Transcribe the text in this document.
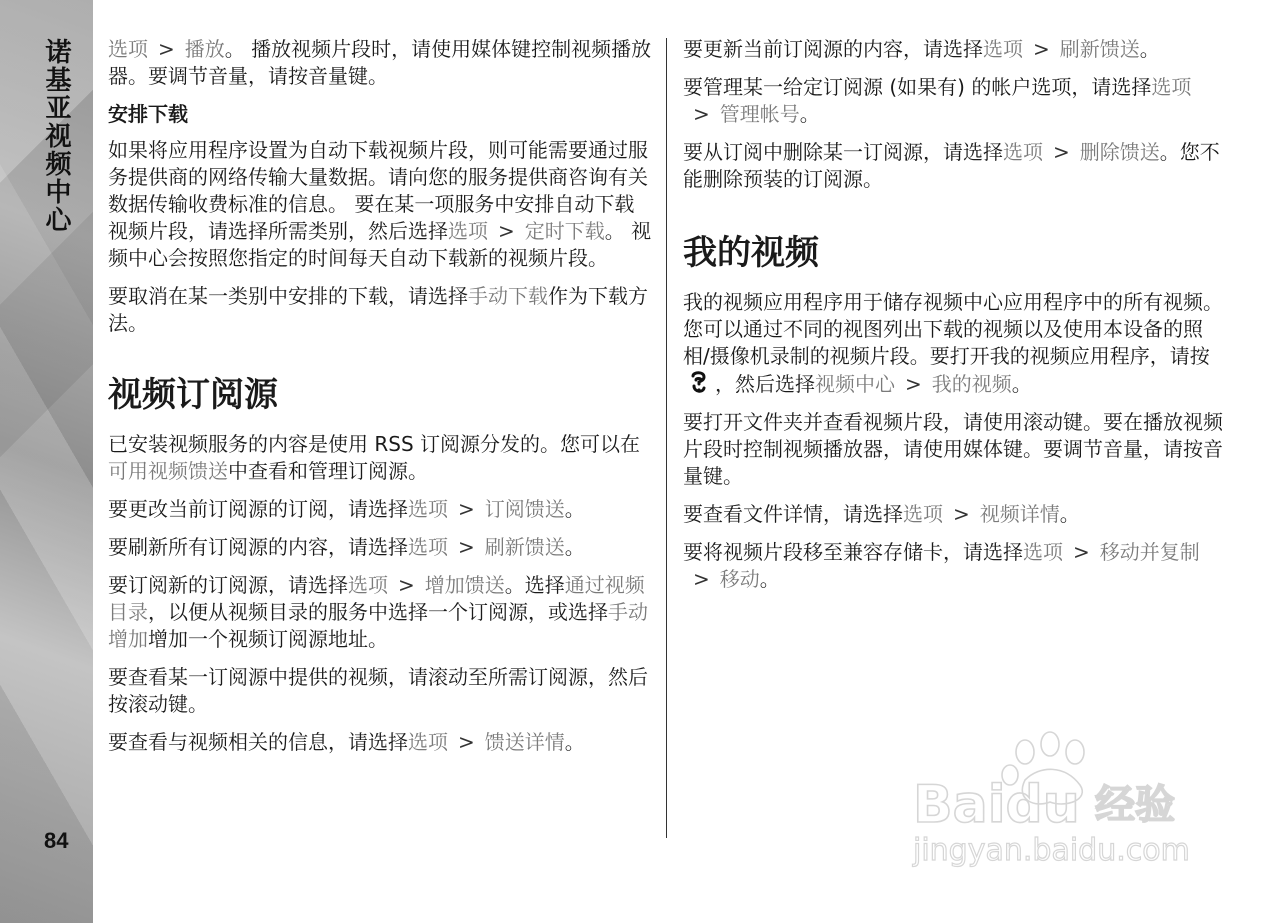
诺基亚视频中心
84

选项 > 播放。 播放视频片段时，请使用媒体键控制视频播放器。要调节音量，请按音量键。

安排下载

如果将应用程序设置为自动下载视频片段，则可能需要通过服务提供商的网络传输大量数据。请向您的服务提供商咨询有关数据传输收费标准的信息。 要在某一项服务中安排自动下载视频片段，请选择所需类别，然后选择选项 > 定时下载。 视频中心会按照您指定的时间每天自动下载新的视频片段。

要取消在某一类别中安排的下载，请选择手动下载作为下载方法。

视频订阅源

已安装视频服务的内容是使用 RSS 订阅源分发的。您可以在可用视频馈送中查看和管理订阅源。

要更改当前订阅源的订阅，请选择选项 > 订阅馈送。

要刷新所有订阅源的内容，请选择选项 > 刷新馈送。

要订阅新的订阅源，请选择选项 > 增加馈送。选择通过视频目录，以便从视频目录的服务中选择一个订阅源，或选择手动增加增加一个视频订阅源地址。

要查看某一订阅源中提供的视频，请滚动至所需订阅源，然后按滚动键。

要查看与视频相关的信息，请选择选项 > 馈送详情。

要更新当前订阅源的内容，请选择选项 > 刷新馈送。

要管理某一给定订阅源 (如果有) 的帐户选项，请选择选项> 管理帐号。

要从订阅中删除某一订阅源，请选择选项 > 删除馈送。您不能删除预装的订阅源。

我的视频

我的视频应用程序用于储存视频中心应用程序中的所有视频。您可以通过不同的视图列出下载的视频以及使用本设备的照相/摄像机录制的视频片段。要打开我的视频应用程序，请按，然后选择视频中心 > 我的视频。

要打开文件夹并查看视频片段，请使用滚动键。要在播放视频片段时控制视频播放器，请使用媒体键。要调节音量，请按音量键。

要查看文件详情，请选择选项 > 视频详情。

要将视频片段移至兼容存储卡，请选择选项 > 移动并复制> 移动。

Baidu 经验
jingyan.baidu.com
